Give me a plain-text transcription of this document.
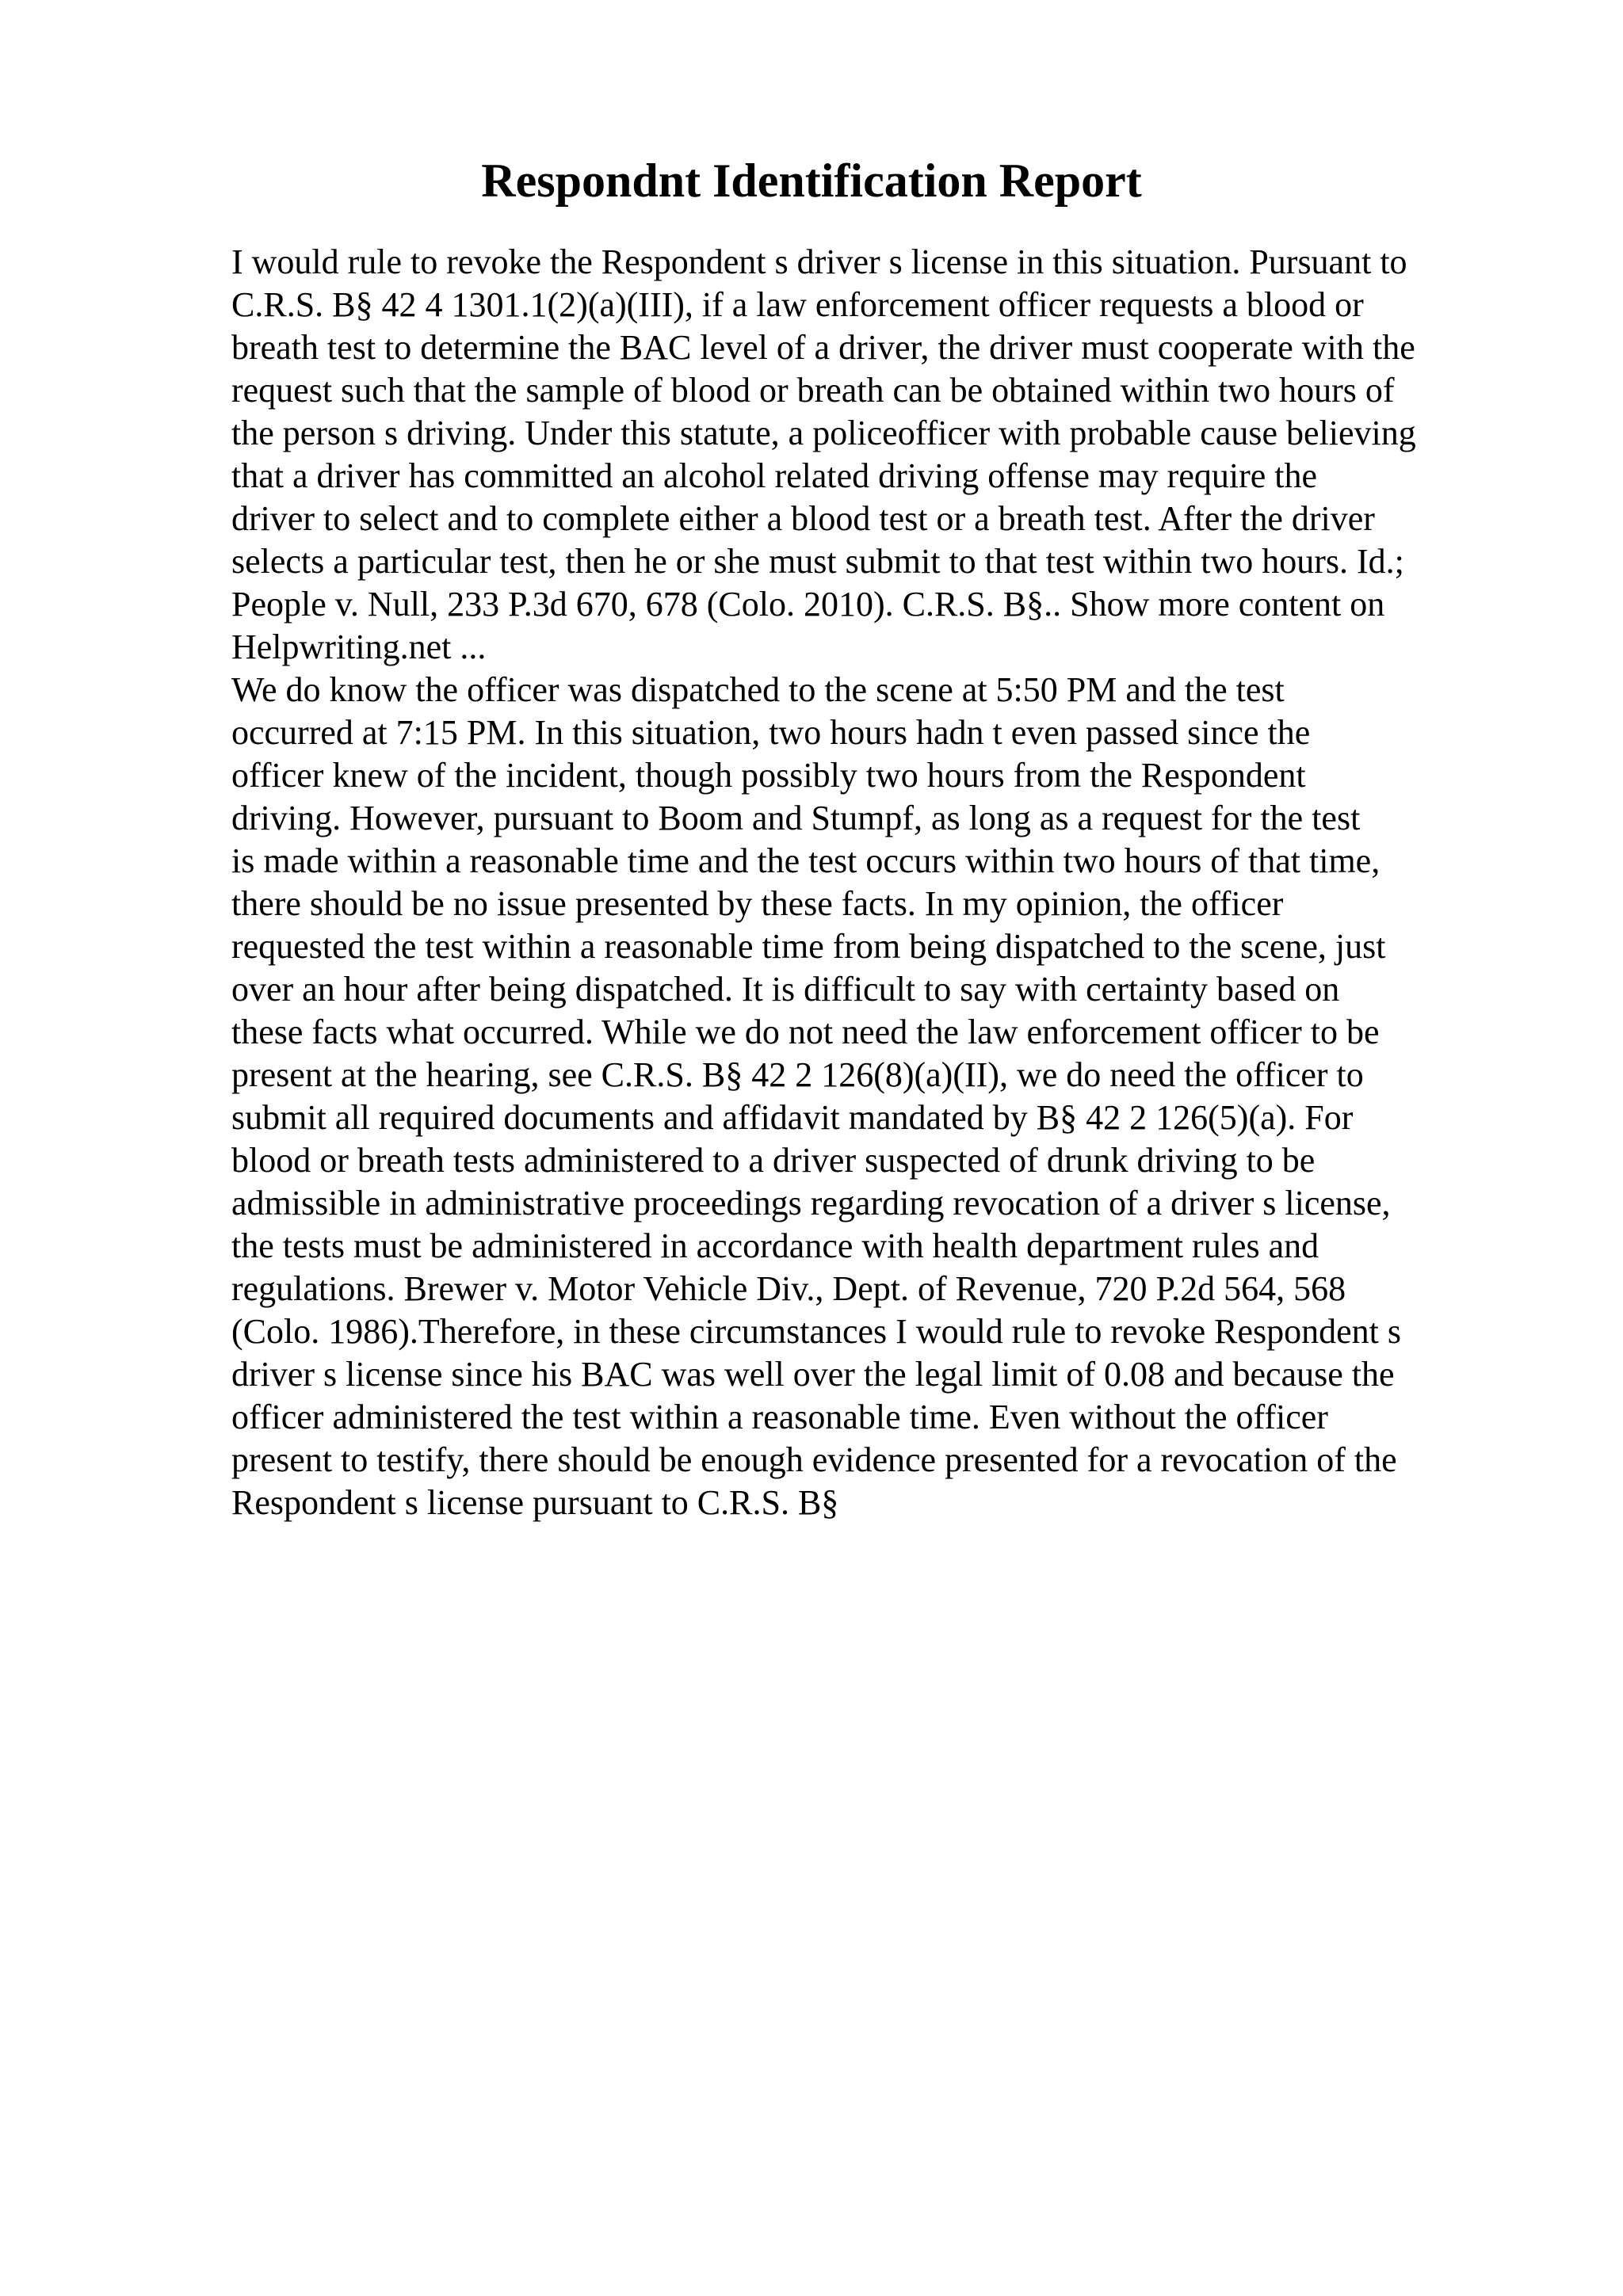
Respondnt Identification Report
I would rule to revoke the Respondent s driver s license in this situation. Pursuant to
C.R.S. B§ 42 4 1301.1(2)(a)(III), if a law enforcement officer requests a blood or
breath test to determine the BAC level of a driver, the driver must cooperate with the
request such that the sample of blood or breath can be obtained within two hours of
the person s driving. Under this statute, a policeofficer with probable cause believing
that a driver has committed an alcohol related driving offense may require the
driver to select and to complete either a blood test or a breath test. After the driver
selects a particular test, then he or she must submit to that test within two hours. Id.;
People v. Null, 233 P.3d 670, 678 (Colo. 2010). C.R.S. B§.. Show more content on
Helpwriting.net ...
We do know the officer was dispatched to the scene at 5:50 PM and the test
occurred at 7:15 PM. In this situation, two hours hadn t even passed since the
officer knew of the incident, though possibly two hours from the Respondent
driving. However, pursuant to Boom and Stumpf, as long as a request for the test
is made within a reasonable time and the test occurs within two hours of that time,
there should be no issue presented by these facts. In my opinion, the officer
requested the test within a reasonable time from being dispatched to the scene, just
over an hour after being dispatched. It is difficult to say with certainty based on
these facts what occurred. While we do not need the law enforcement officer to be
present at the hearing, see C.R.S. B§ 42 2 126(8)(a)(II), we do need the officer to
submit all required documents and affidavit mandated by B§ 42 2 126(5)(a). For
blood or breath tests administered to a driver suspected of drunk driving to be
admissible in administrative proceedings regarding revocation of a driver s license,
the tests must be administered in accordance with health department rules and
regulations. Brewer v. Motor Vehicle Div., Dept. of Revenue, 720 P.2d 564, 568
(Colo. 1986).Therefore, in these circumstances I would rule to revoke Respondent s
driver s license since his BAC was well over the legal limit of 0.08 and because the
officer administered the test within a reasonable time. Even without the officer
present to testify, there should be enough evidence presented for a revocation of the
Respondent s license pursuant to C.R.S. B§
